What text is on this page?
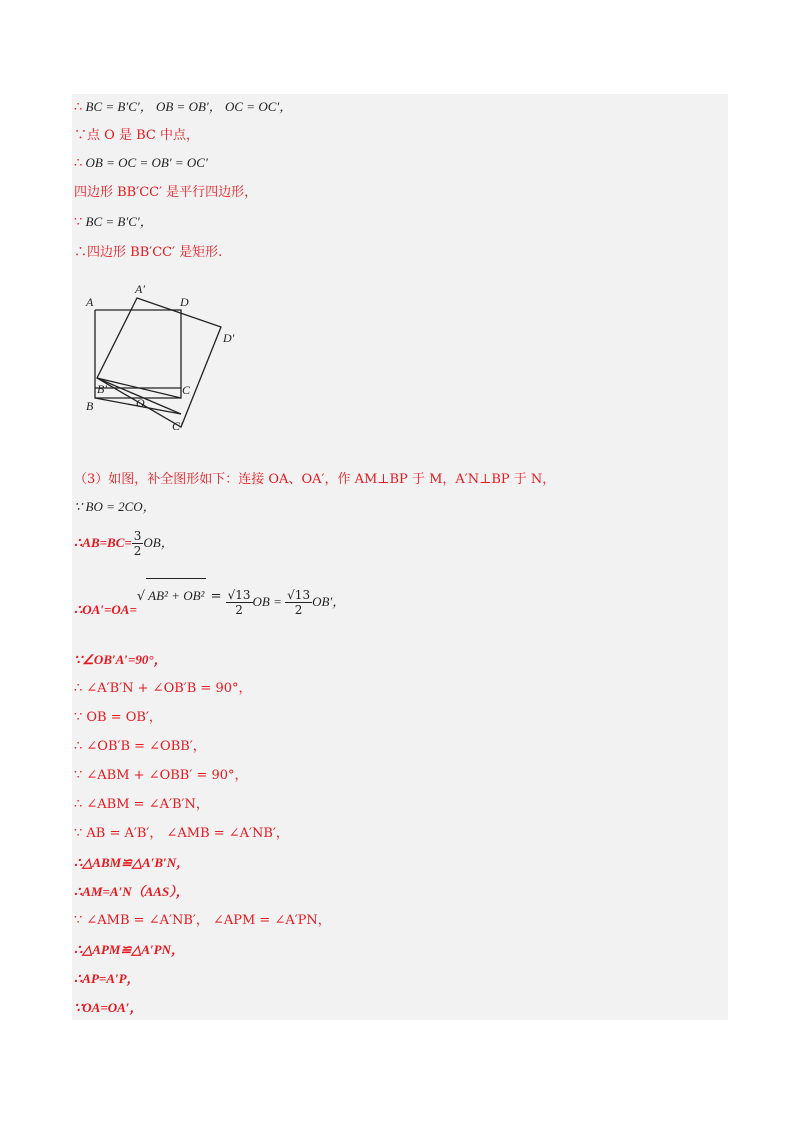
∴ BC = B′C′， OB = OB′， OC = OC′，
∵点 O 是 BC 中点，
∴ OB = OC = OB′ = OC′
四边形 BB′CC′ 是平行四边形，
∵ BC = B′C′，
∴四边形 BB′CC′ 是矩形.
A
A′
D
D′
B′	C
B	O
C′
（3）如图，补全图形如下：连接 OA、OA′，作 AM⊥BP 于 M，A′N⊥BP 于 N，
∵ BO = 2CO，
∴AB=BC= $\frac{3}{2}$ OB，
∴OA′=OA=√ $AB^2 + OB^2 = \frac{√13}{2}$ OB = $\frac{√13}{2} OB'$，
∵∠OB′A′=90°，
∴ ∠A′B′N + ∠OB′B = 90°，
∵ OB = OB′，
∴ ∠OB′B = ∠OBB′，
∵ ∠ABM + ∠OBB′ = 90°，
∴ ∠ABM = ∠A′B′N，
∵ AB = A′B′， ∠AMB = ∠A′NB′，
∴△ABM≌△A′B′N，
∴AM=A′N（AAS），
∵ ∠AMB = ∠A′NB′， ∠APM = ∠A′PN，
∴△APM≌△A′PN，
∴AP=A′P，
∵OA=OA′，
